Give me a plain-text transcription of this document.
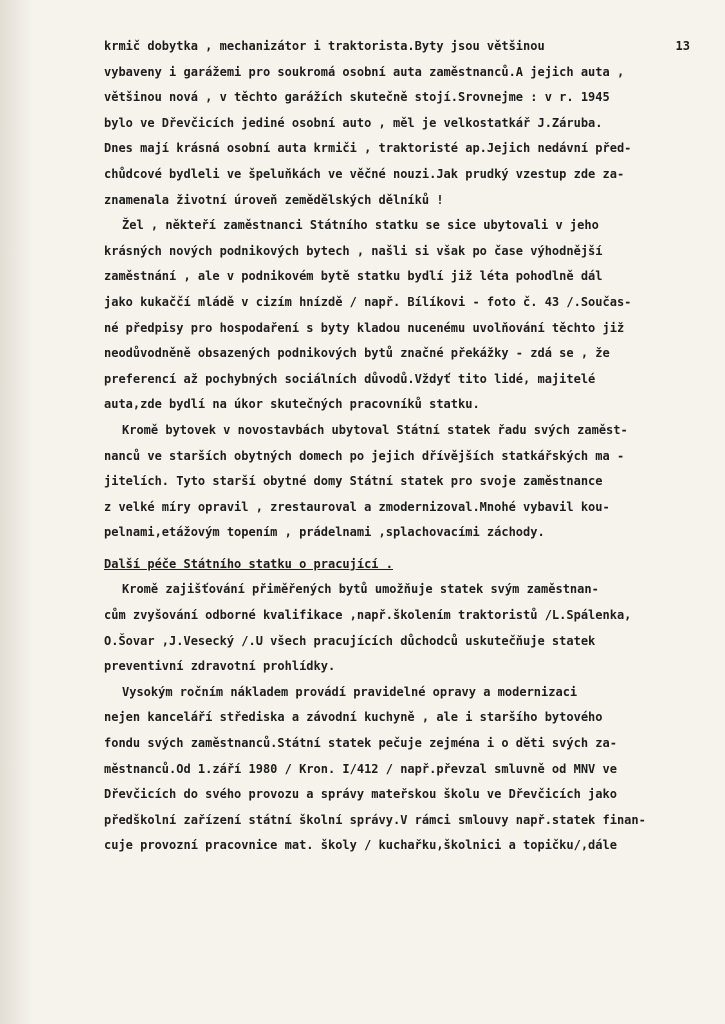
krmič dobytka , mechanizátor i traktorista.Byty jsou většinou	13
vybaveny i garážemi pro soukromá osobní auta zaměstnanců.A jejich auta ,
většinou nová , v těchto garážích skutečně stojí.Srovnejme : v r. 1945
bylo ve Dřevčicích jediné osobní auto , měl je velkostatkář J.Záruba.
Dnes mají krásná osobní auta krmiči , traktoristé ap.Jejich nedávní před-
chůdcové bydleli ve špeluňkách ve věčné nouzi.Jak prudký vzestup zde za-
znamenala životní úroveň zemědělských dělníků !
Žel , někteří zaměstnanci Státního statku se sice ubytovali v jeho
krásných nových podnikových bytech , našli si však po čase výhodnější
zaměstnání , ale v podnikovém bytě statku bydlí již léta pohodlně dál
jako kukaččí mládě v cizím hnízdě / např. Bílíkovi - foto č. 43 /.Součas-
né předpisy pro hospodaření s byty kladou nucenému uvolňování těchto již
neodůvodněně obsazených podnikových bytů značné překážky - zdá se , že
preferencí až pochybných sociálních důvodů.Vždyť tito lidé, majitelé
auta,zde bydlí na úkor skutečných pracovníků statku.
Kromě bytovek v novostavbách ubytoval Státní statek řadu svých zaměst-
nanců ve starších obytných domech po jejich dřívějších statkářských ma -
jitelích. Tyto starší obytné domy Státní statek pro svoje zaměstnance
z velké míry opravil , zrestauroval a zmodernizoval.Mnohé vybavil kou-
pelnami,etážovým topením , prádelnami ,splachovacími záchody.
Další péče Státního statku o pracující .
Kromě zajišťování přiměřených bytů umožňuje statek svým zaměstnan-
cům zvyšování odborné kvalifikace ,např.školením traktoristů /L.Spálenka,
O.Šovar ,J.Vesecký /.U všech pracujících důchodců uskutečňuje statek
preventivní zdravotní prohlídky.
Vysokým ročním nákladem provádí pravidelné opravy a modernizaci
nejen kanceláří střediska a závodní kuchyně , ale i staršího bytového
fondu svých zaměstnanců.Státní statek pečuje zejména i o děti svých za-
městnanců.Od 1.září 1980 / Kron. I/412 / např.převzal smluvně od MNV ve
Dřevčicích do svého provozu a správy mateřskou školu ve Dřevčicích jako
předškolní zařízení státní školní správy.V rámci smlouvy např.statek finan-
cuje provozní pracovnice mat. školy / kuchařku,školnici a topičku/,dále
